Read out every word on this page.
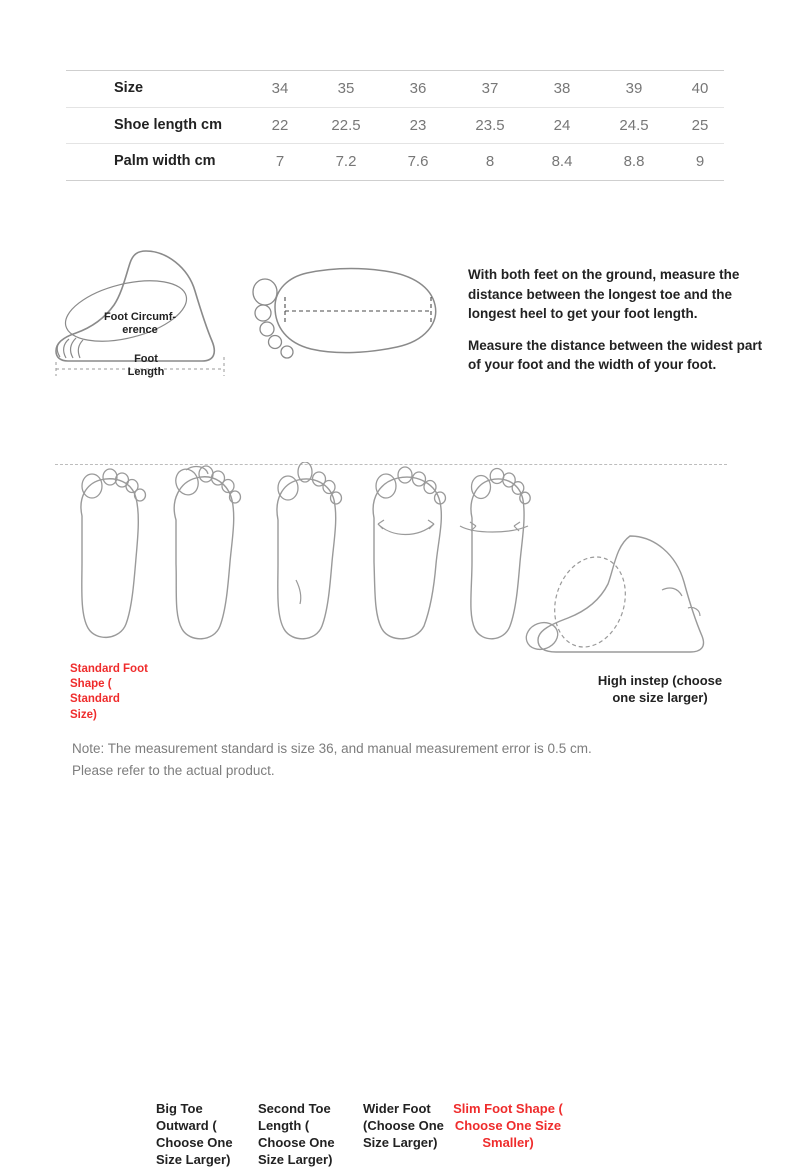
Size	34	35	36	37	38	39	40
Shoe length cm	22	22.5	23	23.5	24	24.5	25
Palm width cm	7	7.2	7.6	8	8.4	8.8	9
Foot Circumf-
erence
Foot
Length

With both feet on the ground, measure the distance between the longest toe and the longest heel to get your foot length.

Measure the distance between the widest part of your foot and the width of your foot.

Standard Foot Shape ( Standard Size)
Big Toe Outward ( Choose One Size Larger)
Second Toe Length ( Choose One Size Larger)
Wider Foot (Choose One Size Larger)
Slim Foot Shape ( Choose One Size Smaller)
High instep (choose one size larger)

Note: The measurement standard is size 36, and manual measurement error is 0.5 cm.

Please refer to the actual product.
